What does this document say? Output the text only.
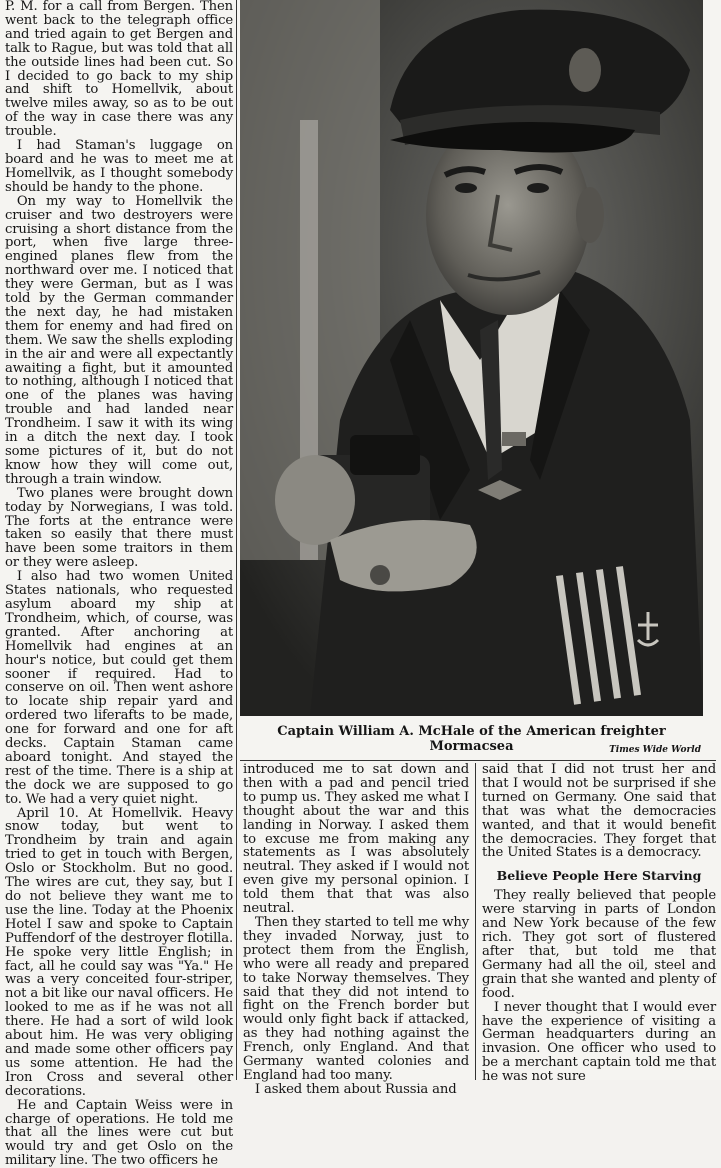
P. M. for a call from Bergen. Then went back to the telegraph office and tried again to get Bergen and talk to Rague, but was told that all the outside lines had been cut. So I decided to go back to my ship and shift to Homellvik, about twelve miles away, so as to be out of the way in case there was any trouble.

I had Staman's luggage on board and he was to meet me at Homellvik, as I thought somebody should be handy to the phone.

On my way to Homellvik the cruiser and two destroyers were cruising a short distance from the port, when five large three-engined planes flew from the northward over me. I noticed that they were German, but as I was told by the German commander the next day, he had mistaken them for enemy and had fired on them. We saw the shells exploding in the air and were all expectantly awaiting a fight, but it amounted to nothing, although I noticed that one of the planes was having trouble and had landed near Trondheim. I saw it with its wing in a ditch the next day. I took some pictures of it, but do not know how they will come out, through a train window.

Two planes were brought down today by Norwegians, I was told. The forts at the entrance were taken so easily that there must have been some traitors in them or they were asleep.

I also had two women United States nationals, who requested asylum aboard my ship at Trondheim, which, of course, was granted. After anchoring at Homellvik had engines at an hour's notice, but could get them sooner if required. Had to conserve on oil. Then went ashore to locate ship repair yard and ordered two liferafts to be made, one for forward and one for aft decks. Captain Staman came aboard tonight. And stayed the rest of the time. There is a ship at the dock we are supposed to go to. We had a very quiet night.

April 10. At Homellvik. Heavy snow today, but went to Trondheim by train and again tried to get in touch with Bergen, Oslo or Stockholm. But no good. The wires are cut, they say, but I do not believe they want me to use the line. Today at the Phoenix Hotel I saw and spoke to Captain Puffendorf of the destroyer flotilla. He spoke very little English; in fact, all he could say was "Ya." He was a very conceited four-striper, not a bit like our naval officers. He looked to me as if he was not all there. He had a sort of wild look about him. He was very obliging and made some other officers pay us some attention. He had the Iron Cross and several other decorations.

He and Captain Weiss were in charge of operations. He told me that all the lines were cut but would try and get Oslo on the military line. The two officers he

Captain William A. McHale of the American freighter Mormacsea	Times Wide World

introduced me to sat down and then with a pad and pencil tried to pump us. They asked me what I thought about the war and this landing in Norway. I asked them to excuse me from making any statements as I was absolutely neutral. They asked if I would not even give my personal opinion. I told them that that was also neutral.

Then they started to tell me why they invaded Norway, just to protect them from the English, who were all ready and prepared to take Norway themselves. They said that they did not intend to fight on the French border but would only fight back if attacked, as they had nothing against the French, only England. And that Germany wanted colonies and England had too many.

I asked them about Russia and

said that I did not trust her and that I would not be surprised if she turned on Germany. One said that that was what the democracies wanted, and that it would benefit the democracies. They forget that the United States is a democracy.

Believe People Here Starving

They really believed that people were starving in parts of London and New York because of the few rich. They got sort of flustered after that, but told me that Germany had all the oil, steel and grain that she wanted and plenty of food.

I never thought that I would ever have the experience of visiting a German headquarters during an invasion. One officer who used to be a merchant captain told me that he was not sure
